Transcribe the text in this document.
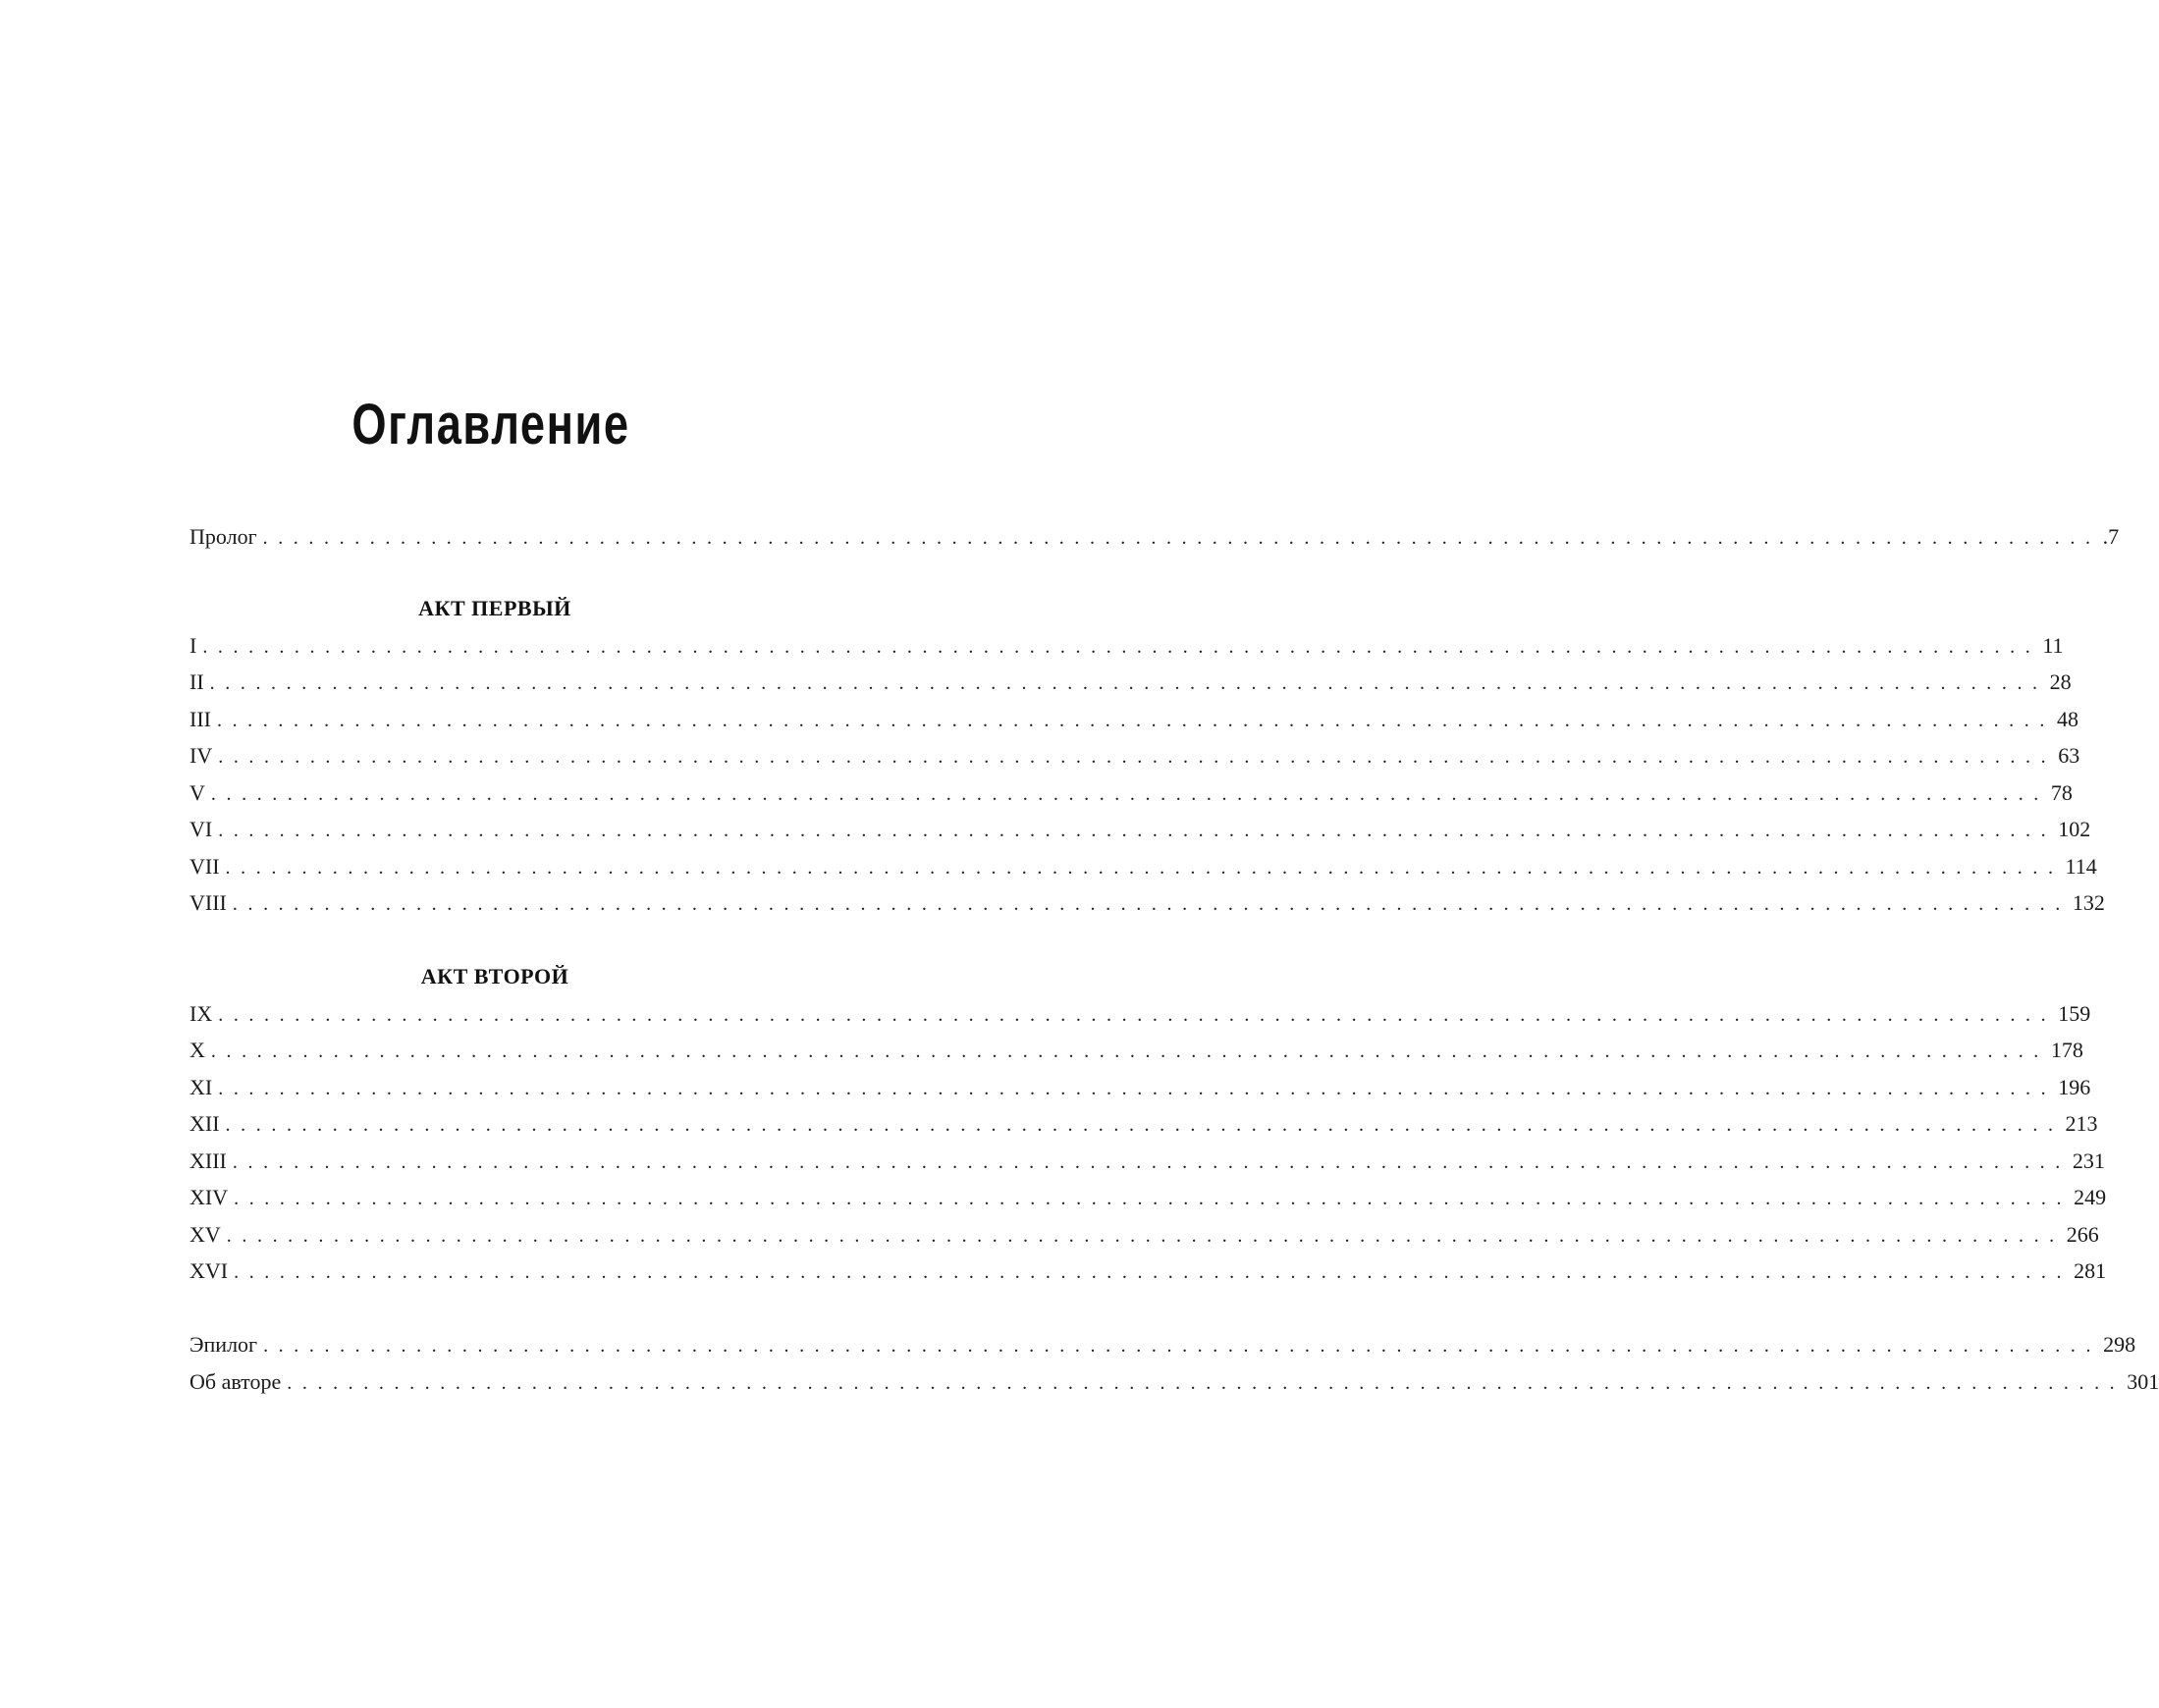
Оглавление
Пролог ........................................................................................................................ .7
АКТ ПЕРВЫЙ
I ........................................................................................................................ 11
II ........................................................................................................................ 28
III ........................................................................................................................ 48
IV ........................................................................................................................ 63
V ........................................................................................................................ 78
VI ........................................................................................................................ 102
VII ........................................................................................................................ 114
VIII ........................................................................................................................ 132
АКТ ВТОРОЙ
IX ........................................................................................................................ 159
X ........................................................................................................................ 178
XI ........................................................................................................................ 196
XII ........................................................................................................................ 213
XIII ........................................................................................................................ 231
XIV ........................................................................................................................ 249
XV ........................................................................................................................ 266
XVI ........................................................................................................................ 281
Эпилог ........................................................................................................................ 298
Об авторе ........................................................................................................................ 301
